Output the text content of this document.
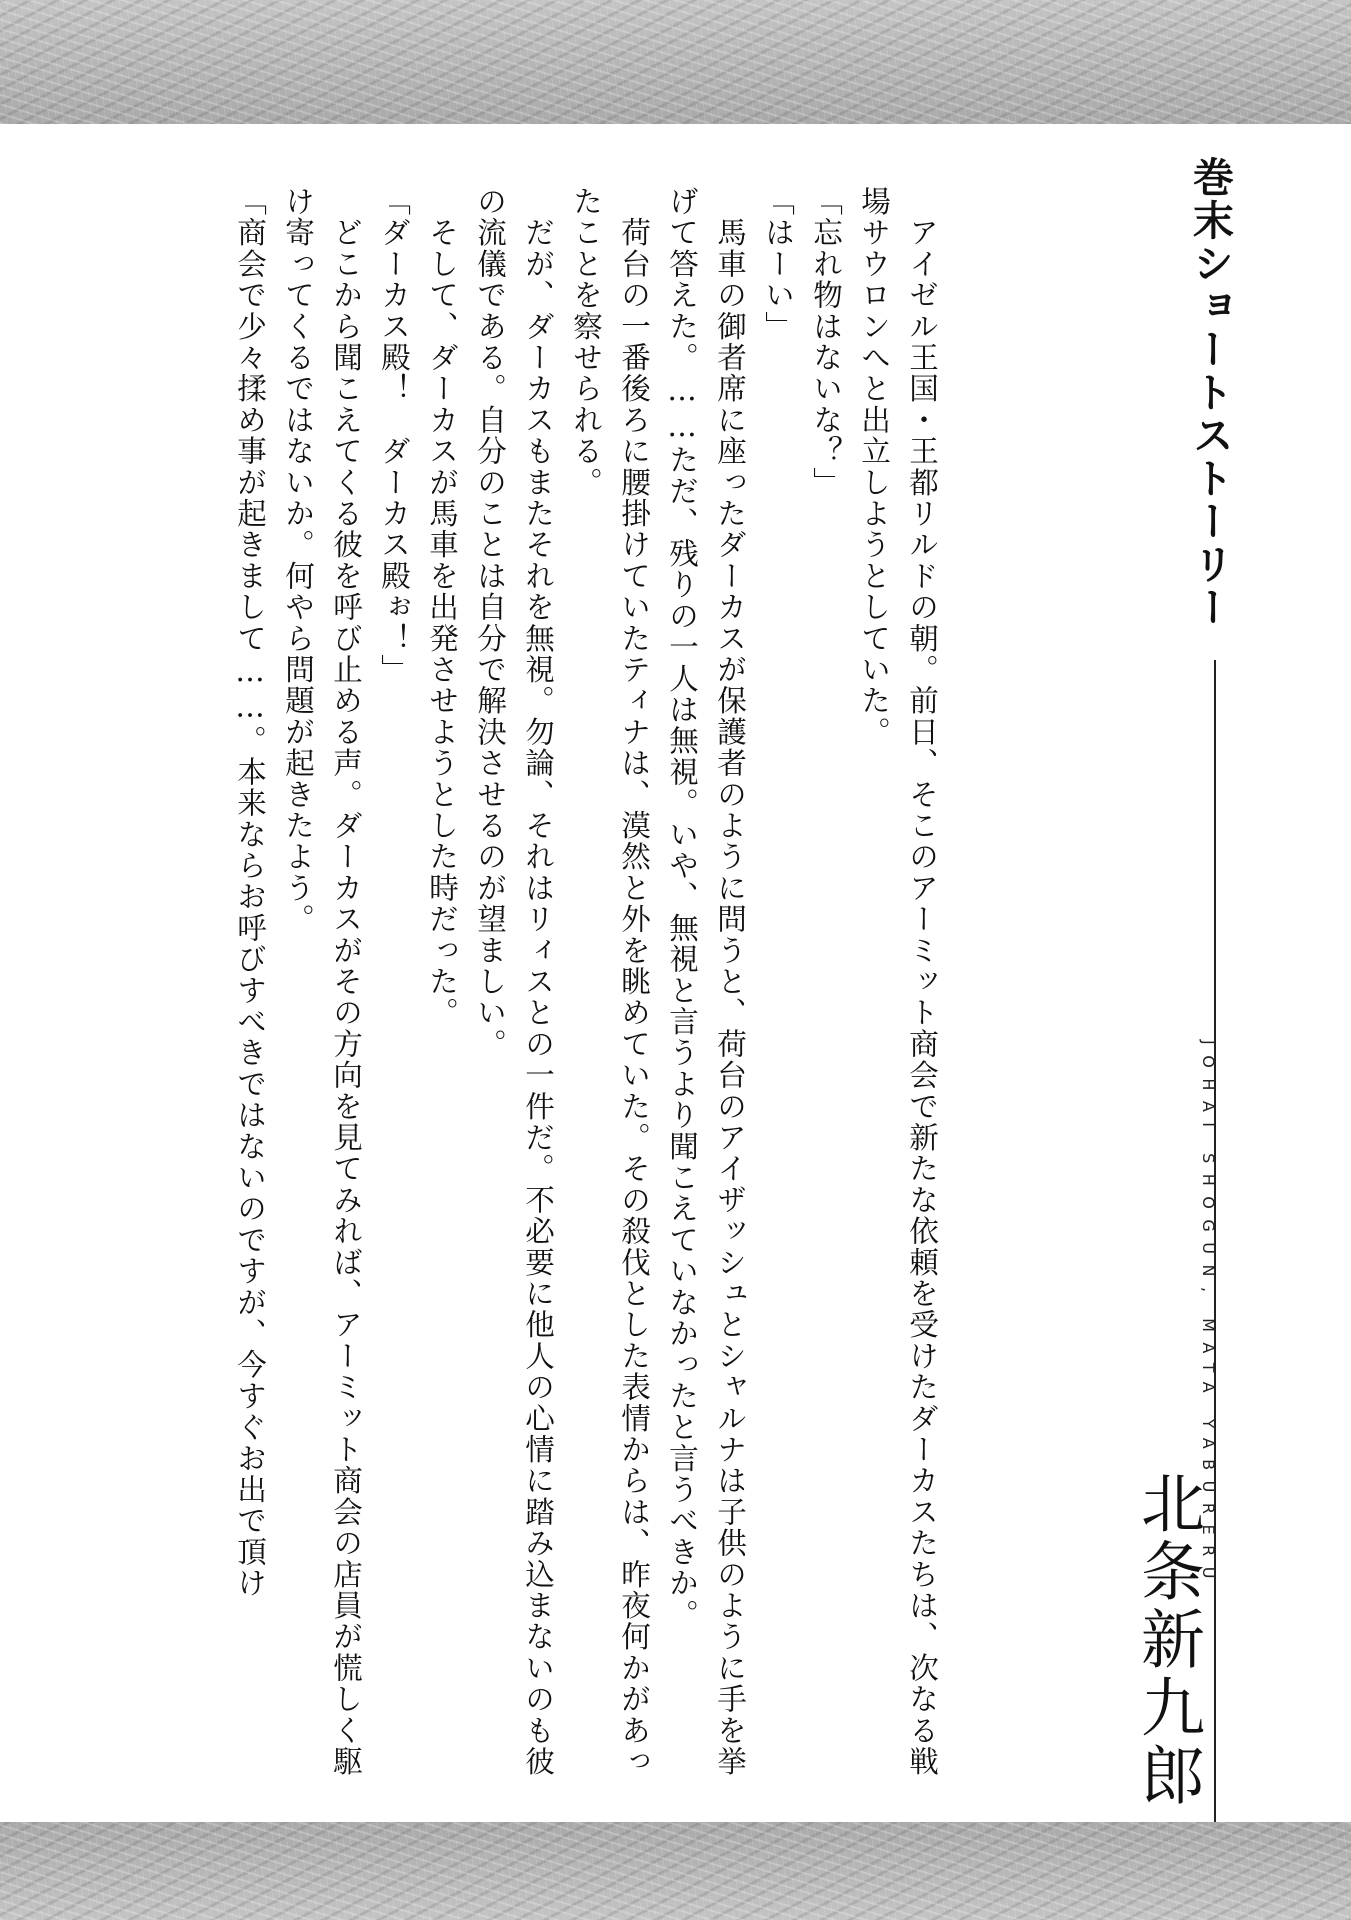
巻末ショートストーリー
JOHAI SHOGUN, MATA YABURERU
北条新九郎

　アイゼル王国・王都リルドの朝。前日、そこのアーミット商会で新たな依頼を受けたダーカスたちは、次なる戦場サウロンへと出立しようとしていた。

「忘れ物はないな？」

「はーい」

　馬車の御者席に座ったダーカスが保護者のように問うと、荷台のアイザッシュとシャルナは子供のように手を挙げて答えた。……ただ、残りの一人は無視。いや、無視と言うより聞こえていなかったと言うべきか。

　荷台の一番後ろに腰掛けていたティナは、漠然と外を眺めていた。その殺伐とした表情からは、昨夜何かがあったことを察せられる。

　だが、ダーカスもまたそれを無視。勿論、それはリィスとの一件だ。不必要に他人の心情に踏み込まないのも彼の流儀である。自分のことは自分で解決させるのが望ましい。

　そして、ダーカスが馬車を出発させようとした時だった。

「ダーカス殿！　ダーカス殿ぉ！」

　どこから聞こえてくる彼を呼び止める声。ダーカスがその方向を見てみれば、アーミット商会の店員が慌しく駆け寄ってくるではないか。何やら問題が起きたよう。

「商会で少々揉め事が起きまして……。本来ならお呼びすべきではないのですが、今すぐお出で頂け
